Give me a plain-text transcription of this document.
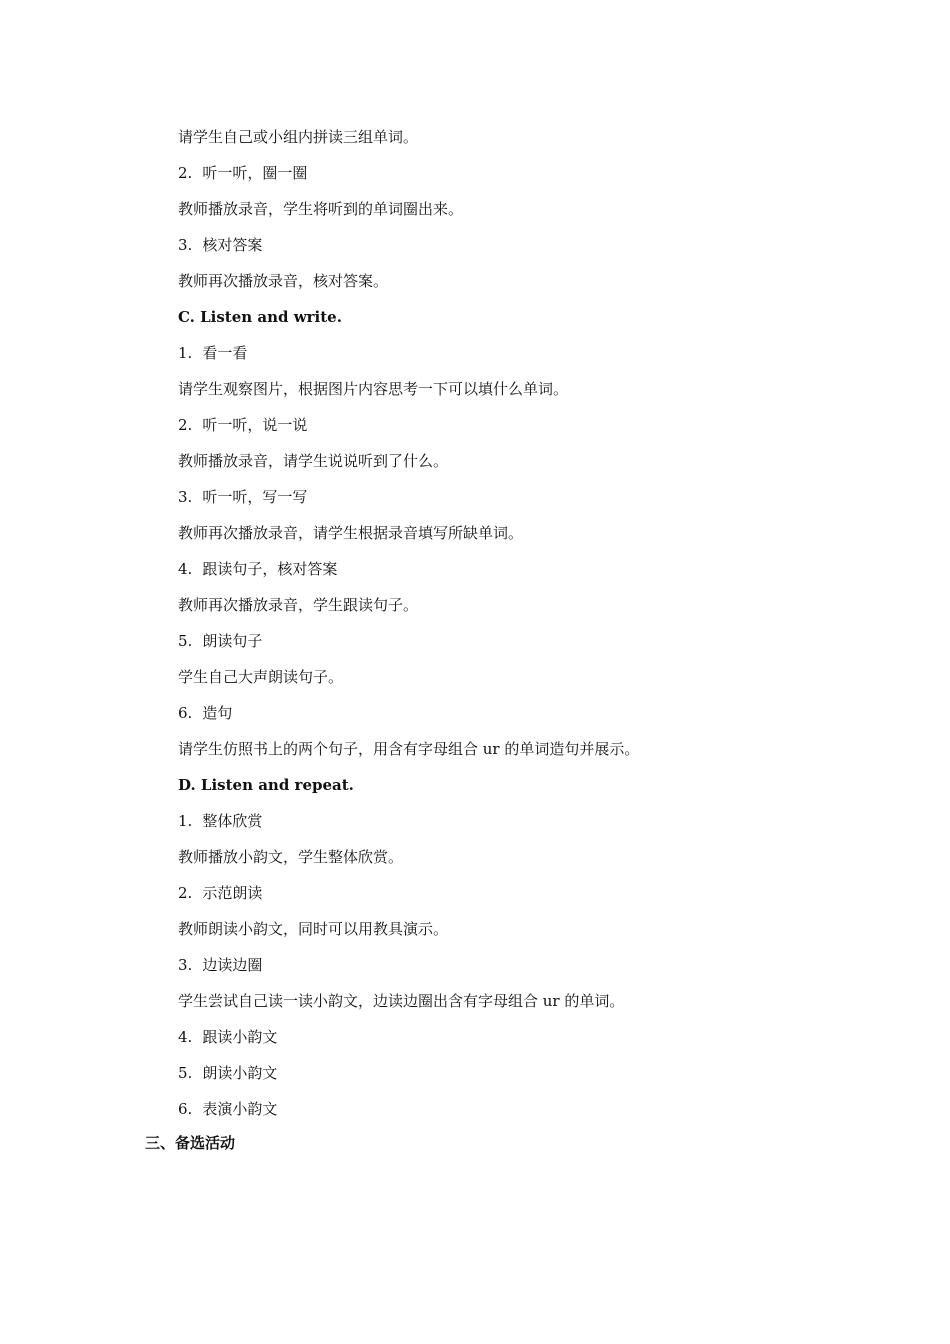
请学生自己或小组内拼读三组单词。
2. 听一听，圈一圈
教师播放录音，学生将听到的单词圈出来。
3. 核对答案
教师再次播放录音，核对答案。
C. Listen and write.
1. 看一看
请学生观察图片，根据图片内容思考一下可以填什么单词。
2. 听一听，说一说
教师播放录音，请学生说说听到了什么。
3. 听一听，写一写
教师再次播放录音，请学生根据录音填写所缺单词。
4. 跟读句子，核对答案
教师再次播放录音，学生跟读句子。
5. 朗读句子
学生自己大声朗读句子。
6. 造句
请学生仿照书上的两个句子，用含有字母组合 ur 的单词造句并展示。
D. Listen and repeat.
1. 整体欣赏
教师播放小韵文，学生整体欣赏。
2. 示范朗读
教师朗读小韵文，同时可以用教具演示。
3. 边读边圈
学生尝试自己读一读小韵文，边读边圈出含有字母组合 ur 的单词。
4. 跟读小韵文
5. 朗读小韵文
6. 表演小韵文
三、备选活动
